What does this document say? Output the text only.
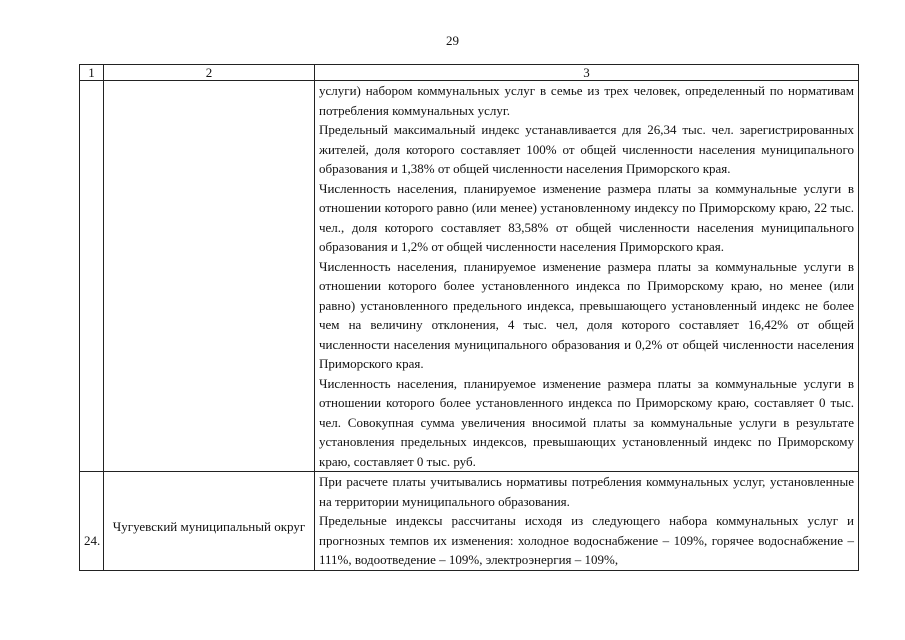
29
1	2	3

		услуги) набором коммунальных услуг в семье из трех человек, определенный по нормативам потребления коммунальных услуг.
Предельный максимальный индекс устанавливается для 26,34 тыс. чел. зарегистрированных жителей, доля которого составляет 100% от общей численности населения муниципального образования и 1,38% от общей численности населения Приморского края.
Численность населения, планируемое изменение размера платы за коммунальные услуги в отношении которого равно (или менее) установленному индексу по Приморскому краю, 22 тыс. чел., доля которого составляет 83,58% от общей численности населения муниципального образования и 1,2% от общей численности населения Приморского края.
Численность населения, планируемое изменение размера платы за коммунальные услуги в отношении которого более установленного индекса по Приморскому краю, но менее (или равно) установленного предельного индекса, превышающего установленный индекс не более чем на величину отклонения, 4 тыс. чел, доля которого составляет 16,42% от общей численности населения муниципального образования и 0,2% от общей численности населения Приморского края.
Численность населения, планируемое изменение размера платы за коммунальные услуги в отношении которого более установленного индекса по Приморскому краю, составляет 0 тыс. чел. Совокупная сумма увеличения вносимой платы за коммунальные услуги в результате установления предельных индексов, превышающих установленный индекс по Приморскому краю, составляет 0 тыс. руб.

24.	Чугуевский муниципальный округ	При расчете платы учитывались нормативы потребления коммунальных услуг, установленные на территории муниципального образования.
Предельные индексы рассчитаны исходя из следующего набора коммунальных услуг и прогнозных темпов их изменения: холодное водоснабжение – 109%, горячее водоснабжение – 111%, водоотведение – 109%, электроэнергия – 109%,
